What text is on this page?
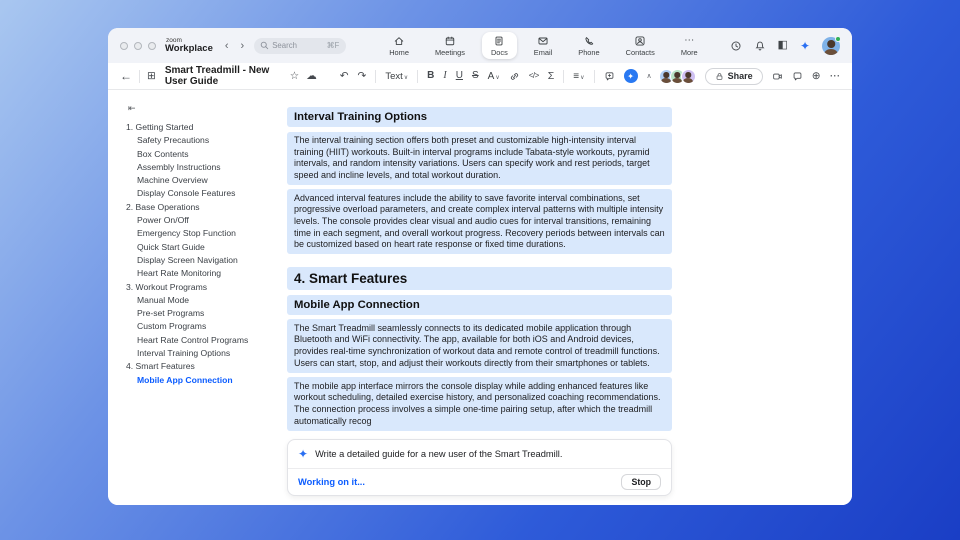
zoom
Workplace ‹ ›	Search	⌘F
Home	Meetings	Docs	Email	Phone	Contacts
⋯
More
◧ ✦
← ⊞ Smart Treadmill - New User Guide	☆ ☁ ↶ ↷ Text∨ B I U S A∨	</> Σ ≡∨	✦ ∧	Share	⊕ ⋯
⇤
1. Getting Started
Safety Precautions
Box Contents
Assembly Instructions
Machine Overview
Display Console Features
2. Base Operations
Power On/Off
Emergency Stop Function
Quick Start Guide
Display Screen Navigation
Heart Rate Monitoring
3. Workout Programs
Manual Mode
Pre-set Programs
Custom Programs
Heart Rate Control Programs
Interval Training Options
4. Smart Features
Mobile App Connection
Interval Training Options
The interval training section offers both preset and customizable high-intensity interval training (HIIT) workouts. Built-in interval programs include Tabata-style workouts, pyramid intervals, and random intensity variations. Users can specify work and rest periods, target speed and incline levels, and total workout duration.
Advanced interval features include the ability to save favorite interval combinations, set progressive overload parameters, and create complex interval patterns with multiple intensity levels. The console provides clear visual and audio cues for interval transitions, remaining time in each segment, and overall workout progress. Recovery periods between intervals can be customized based on heart rate response or fixed time durations.
4. Smart Features
Mobile App Connection
The Smart Treadmill seamlessly connects to its dedicated mobile application through Bluetooth and WiFi connectivity. The app, available for both iOS and Android devices, provides real-time synchronization of workout data and remote control of treadmill functions. Users can start, stop, and adjust their workouts directly from their smartphones or tablets.
The mobile app interface mirrors the console display while adding enhanced features like workout scheduling, detailed exercise history, and personalized coaching recommendations. The connection process involves a simple one-time pairing setup, after which the treadmill automatically recog
✦ Write a detailed guide for a new user of the Smart Treadmill.
Working on it...	Stop
